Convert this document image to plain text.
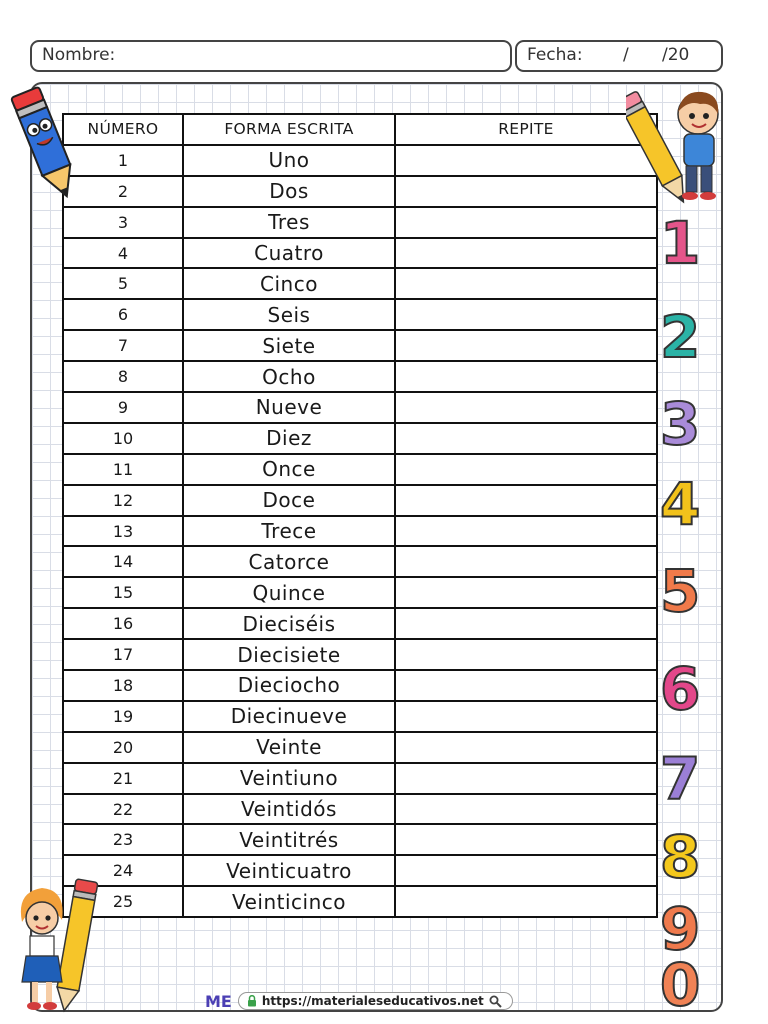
Nombre:	Fecha: / /20
NÚMERO	FORMA ESCRITA	REPITE
1	Uno	
2	Dos	
3	Tres	
4	Cuatro	
5	Cinco	
6	Seis	
7	Siete	
8	Ocho	
9	Nueve	
10	Diez	
11	Once	
12	Doce	
13	Trece	
14	Catorce	
15	Quince	
16	Dieciséis	
17	Diecisiete	
18	Dieciocho	
19	Diecinueve	
20	Veinte	
21	Veintiuno	
22	Veintidós	
23	Veintitrés	
24	Veinticuatro	
25	Veinticinco	
1
2
3
4
5
6
7
8
9
0
ME	https://materialeseducativos.net
